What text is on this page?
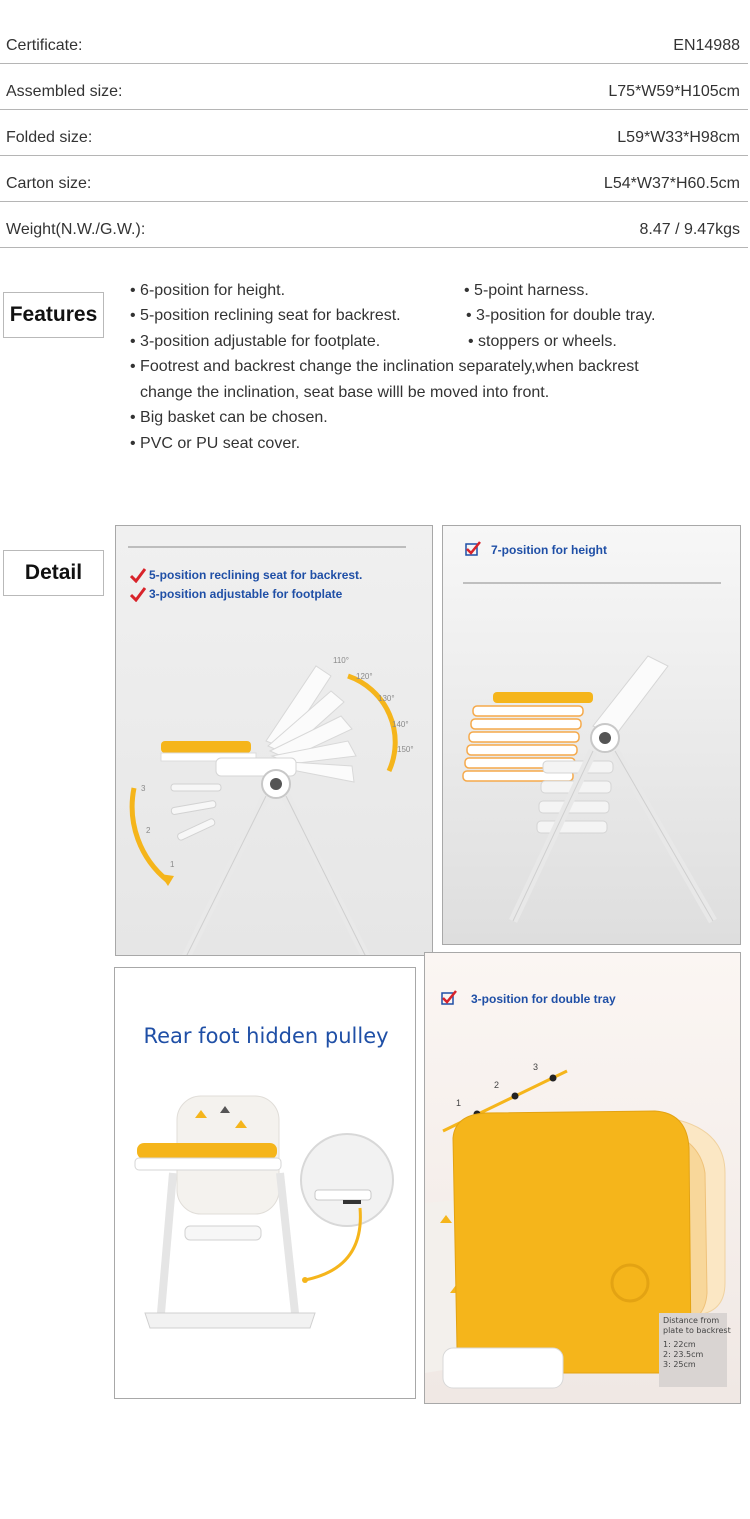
Certificate:	EN14988
Assembled size:	L75*W59*H105cm
Folded size:	L59*W33*H98cm
Carton size:	L54*W37*H60.5cm
Weight(N.W./G.W.):	8.47 / 9.47kgs
Features
• 6-position for height.
• 5-position reclining seat for backrest.
• 3-position adjustable for footplate.
• 5-point harness.
• 3-position for double tray.
• stoppers or wheels.
• Footrest and backrest change the inclination separately,when backrest
change the inclination, seat base willl be moved into front.
• Big basket can be chosen.
• PVC or PU seat cover.
Detail	5-position reclining seat for backrest.
3-position adjustable for footplate
110°
120°
130°
140°
150°
3
2
1
7-position for height
Rear foot hidden pulley
3-position for double tray
1
2
3
Distance from
plate to backrest
1: 22cm
2: 23.5cm
3: 25cm
